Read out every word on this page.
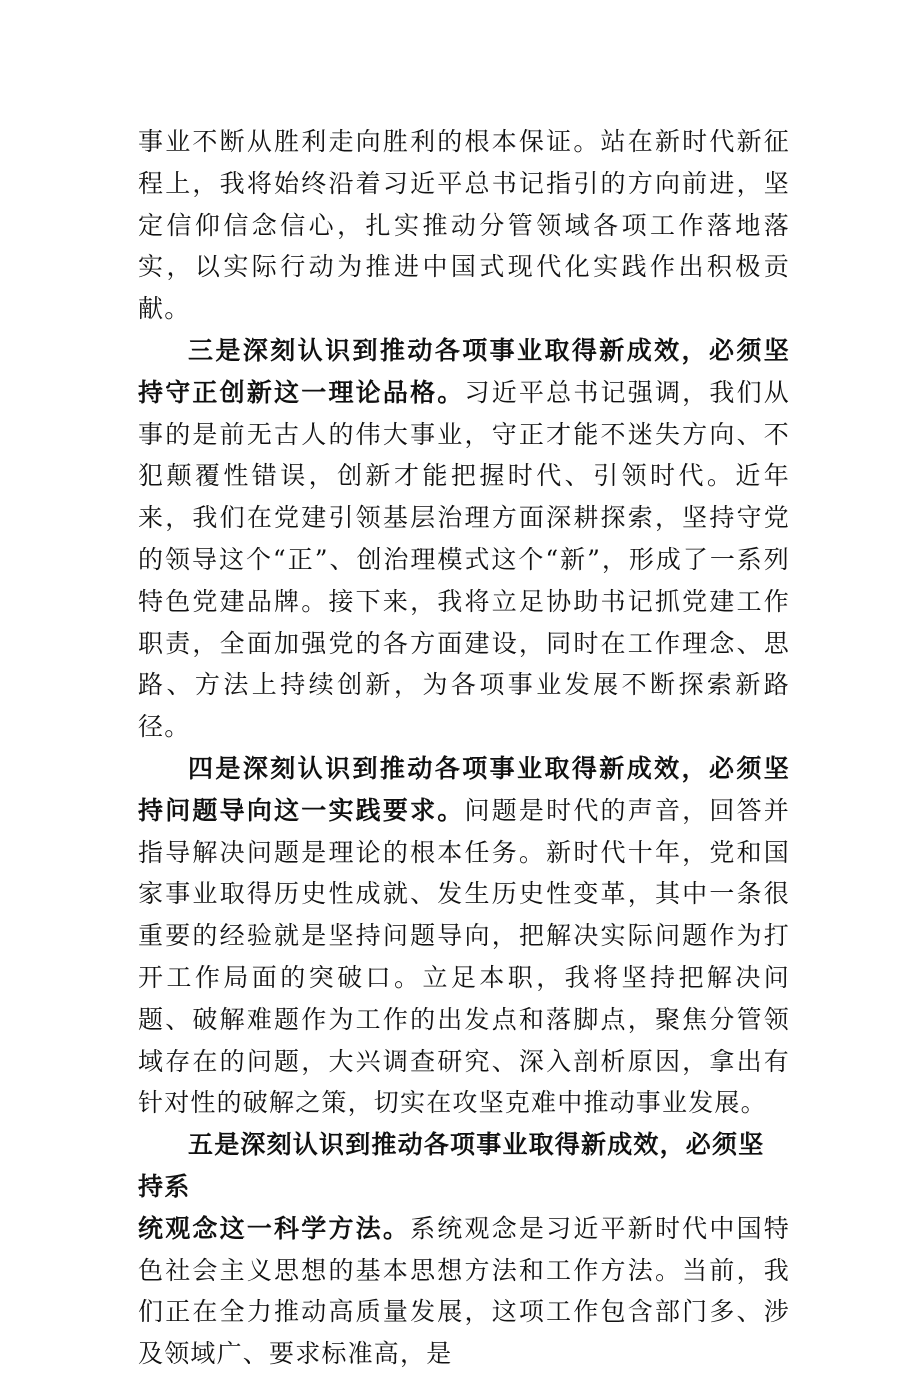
事业不断从胜利走向胜利的根本保证。站在新时代新征程上，我将始终沿着习近平总书记指引的方向前进，坚定信仰信念信心，扎实推动分管领域各项工作落地落实，以实际行动为推进中国式现代化实践作出积极贡献。

三是深刻认识到推动各项事业取得新成效，必须坚持守正创新这一理论品格。习近平总书记强调，我们从事的是前无古人的伟大事业，守正才能不迷失方向、不犯颠覆性错误，创新才能把握时代、引领时代。近年来，我们在党建引领基层治理方面深耕探索，坚持守党的领导这个“正”、创治理模式这个“新”，形成了一系列特色党建品牌。接下来，我将立足协助书记抓党建工作职责，全面加强党的各方面建设，同时在工作理念、思路、方法上持续创新，为各项事业发展不断探索新路径。

四是深刻认识到推动各项事业取得新成效，必须坚持问题导向这一实践要求。问题是时代的声音，回答并指导解决问题是理论的根本任务。新时代十年，党和国家事业取得历史性成就、发生历史性变革，其中一条很重要的经验就是坚持问题导向，把解决实际问题作为打开工作局面的突破口。立足本职，我将坚持把解决问题、破解难题作为工作的出发点和落脚点，聚焦分管领域存在的问题，大兴调查研究、深入剖析原因，拿出有针对性的破解之策，切实在攻坚克难中推动事业发展。

五是深刻认识到推动各项事业取得新成效，必须坚持系
统观念这一科学方法。系统观念是习近平新时代中国特色社会主义思想的基本思想方法和工作方法。当前，我们正在全力推动高质量发展，这项工作包含部门多、涉及领域广、要求标准高，是
